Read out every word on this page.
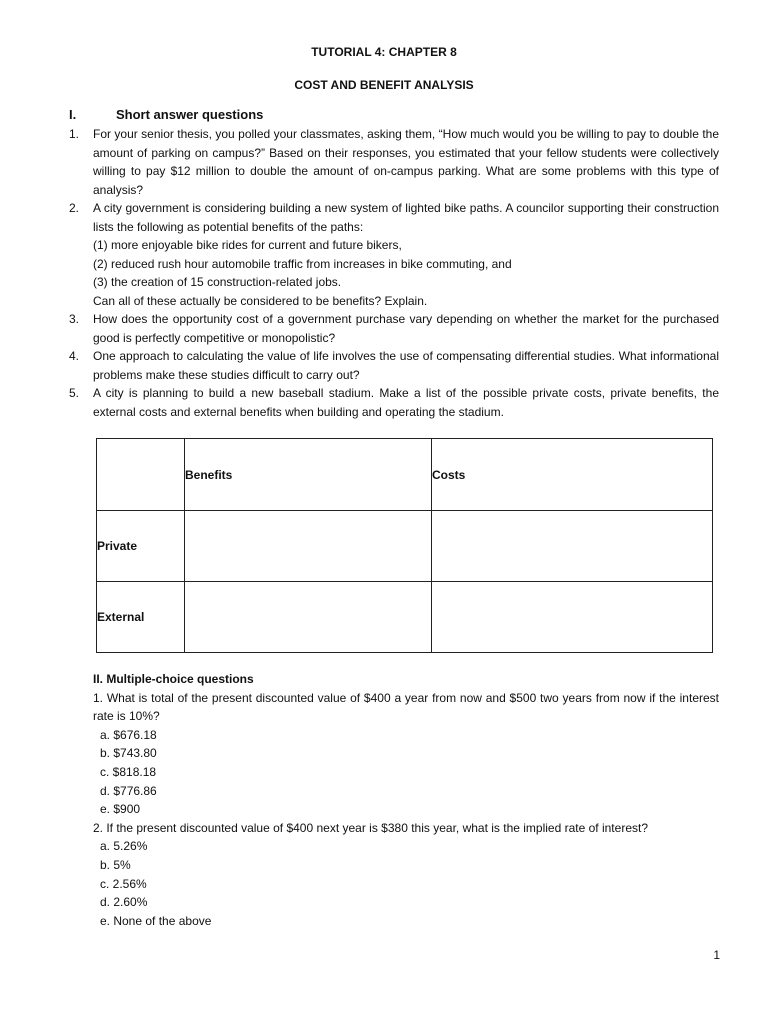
TUTORIAL 4: CHAPTER 8
COST AND BENEFIT ANALYSIS
I.	Short answer questions
1.	For your senior thesis, you polled your classmates, asking them, “How much would you be willing to pay to double the amount of parking on campus?” Based on their responses, you estimated that your fellow students were collectively willing to pay $12 million to double the amount of on-campus parking. What are some problems with this type of analysis?

2.	A city government is considering building a new system of lighted bike paths. A councilor supporting their construction lists the following as potential benefits of the paths:

(1) more enjoyable bike rides for current and future bikers,

(2) reduced rush hour automobile traffic from increases in bike commuting, and

(3) the creation of 15 construction-related jobs.

Can all of these actually be considered to be benefits? Explain.

3.	How does the opportunity cost of a government purchase vary depending on whether the market for the purchased good is perfectly competitive or monopolistic?

4.	One approach to calculating the value of life involves the use of compensating differential studies. What informational problems make these studies difficult to carry out?

5.	A city is planning to build a new baseball stadium. Make a list of the possible private costs, private benefits, the external costs and external benefits when building and operating the stadium.

	Benefits	Costs
Private		
External		

II. Multiple-choice questions

1. What is total of the present discounted value of $400 a year from now and $500 two years from now if the interest rate is 10%?

a. $676.18

b. $743.80

c. $818.18

d. $776.86

e. $900

2. If the present discounted value of $400 next year is $380 this year, what is the implied rate of interest?

a. 5.26%

b. 5%

c. 2.56%

d. 2.60%

e. None of the above

1
